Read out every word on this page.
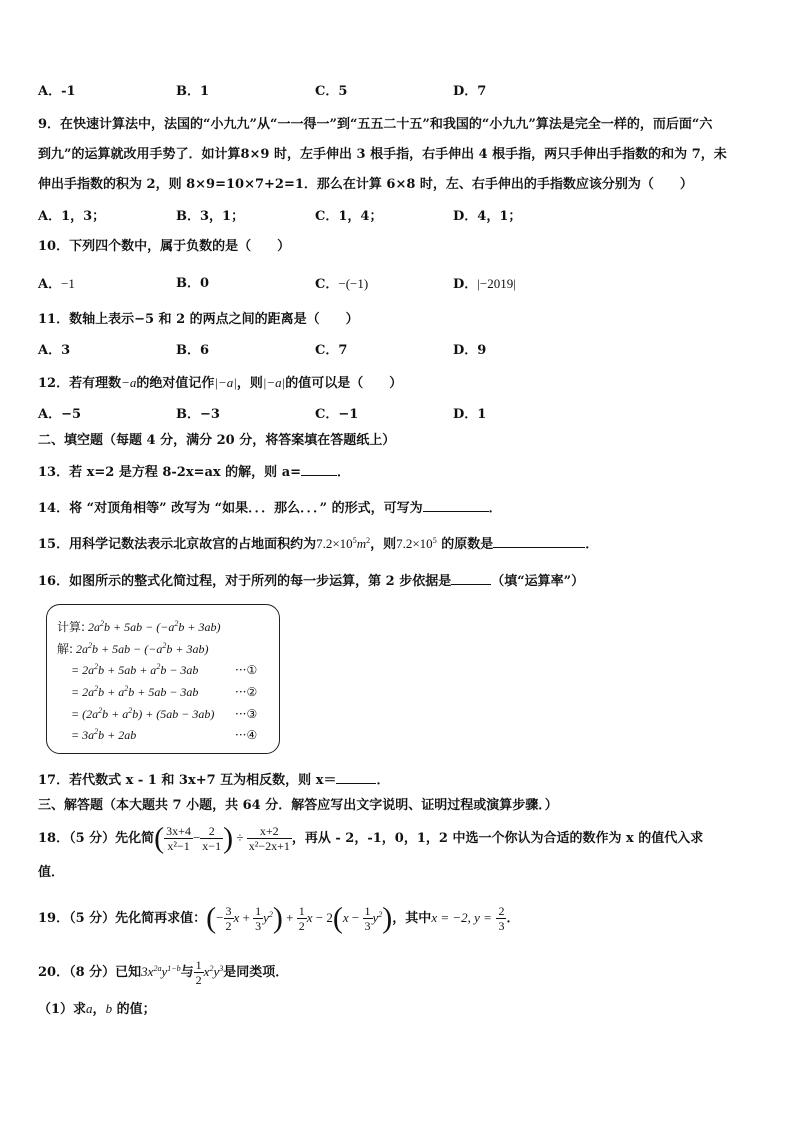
A．-1	B．1	C．5	D．7
9．在快速计算法中，法国的“小九九”从“一一得一”到“五五二十五”和我国的“小九九”算法是完全一样的，而后面“六
到九”的运算就改用手势了．如计算8×9 时，左手伸出 3 根手指，右手伸出 4 根手指，两只手伸出手指数的和为 7，未
伸出手指数的积为 2，则 8×9=10×7+2=1．那么在计算 6×8 时，左、右手伸出的手指数应该分别为（　　）
A．1，3；	B．3，1；	C．1，4；	D．4，1；
10．下列四个数中，属于负数的是（　　）
A．−1	B．0	C．−(−1)	D．|−2019|
11．数轴上表示−5 和 2 的两点之间的距离是（　　）
A．3	B．6	C．7	D．9
12．若有理数−a的绝对值记作|−a|，则|−a|的值可以是（　　）
A．−5	B．−3	C．−1	D．1
二、填空题（每题 4 分，满分 20 分，将答案填在答题纸上）
13．若 x=2 是方程 8-2x=ax 的解，则 a=	．
14．将 “对顶角相等” 改写为 “如果．．．那么．．．” 的形式，可写为	．
15．用科学记数法表示北京故宫的占地面积约为$7.2\times 10^5m^2$，则$7.2\times 10^5$ 的原数是	．
16．如图所示的整式化简过程，对于所列的每一步运算，第 2 步依据是	（填“运算率”）
计算: $2a^2b + 5ab - (-a^2b + 3ab)$
解: $2a^2b + 5ab - (-a^2b + 3ab)$
= $2a^2b + 5ab + a^2b - 3ab$	···①
= $2a^2b + a^2b + 5ab - 3ab$	···②
= $(2a^2b + a^2b) + (5ab - 3ab)$ ···③
= $3a^2b + 2ab$	···④
17．若代数式 x - 1 和 3x+7 互为相反数，则 x＝	．
三、解答题（本大题共 7 小题，共 64 分．解答应写出文字说明、证明过程或演算步骤．）
18．（5 分）先化简( $\frac{3x+4}{\text{x²−1}} - \frac{2}{x-1}$ ) ÷ $\frac{x+2}{\text{x²−2x+1}}$ ，再从 - 2，-1，0，1，2 中选一个你认为合适的数作为 x 的值代入求
值．
19．（5 分）先化简再求值：(− $\frac{3}{2}$ $x + \frac{1}{3} y^2) + \frac{1}{2}$ $x - 2(x - \frac{1}{3} y^2)$，其中x = −2, $y = \frac{2}{3}$ ．
20．（8 分）已知$3x^{2a}y^{1-b}$与 $\frac{1}{2} x^2y^3$是同类项．
（1）求a，b 的值；
